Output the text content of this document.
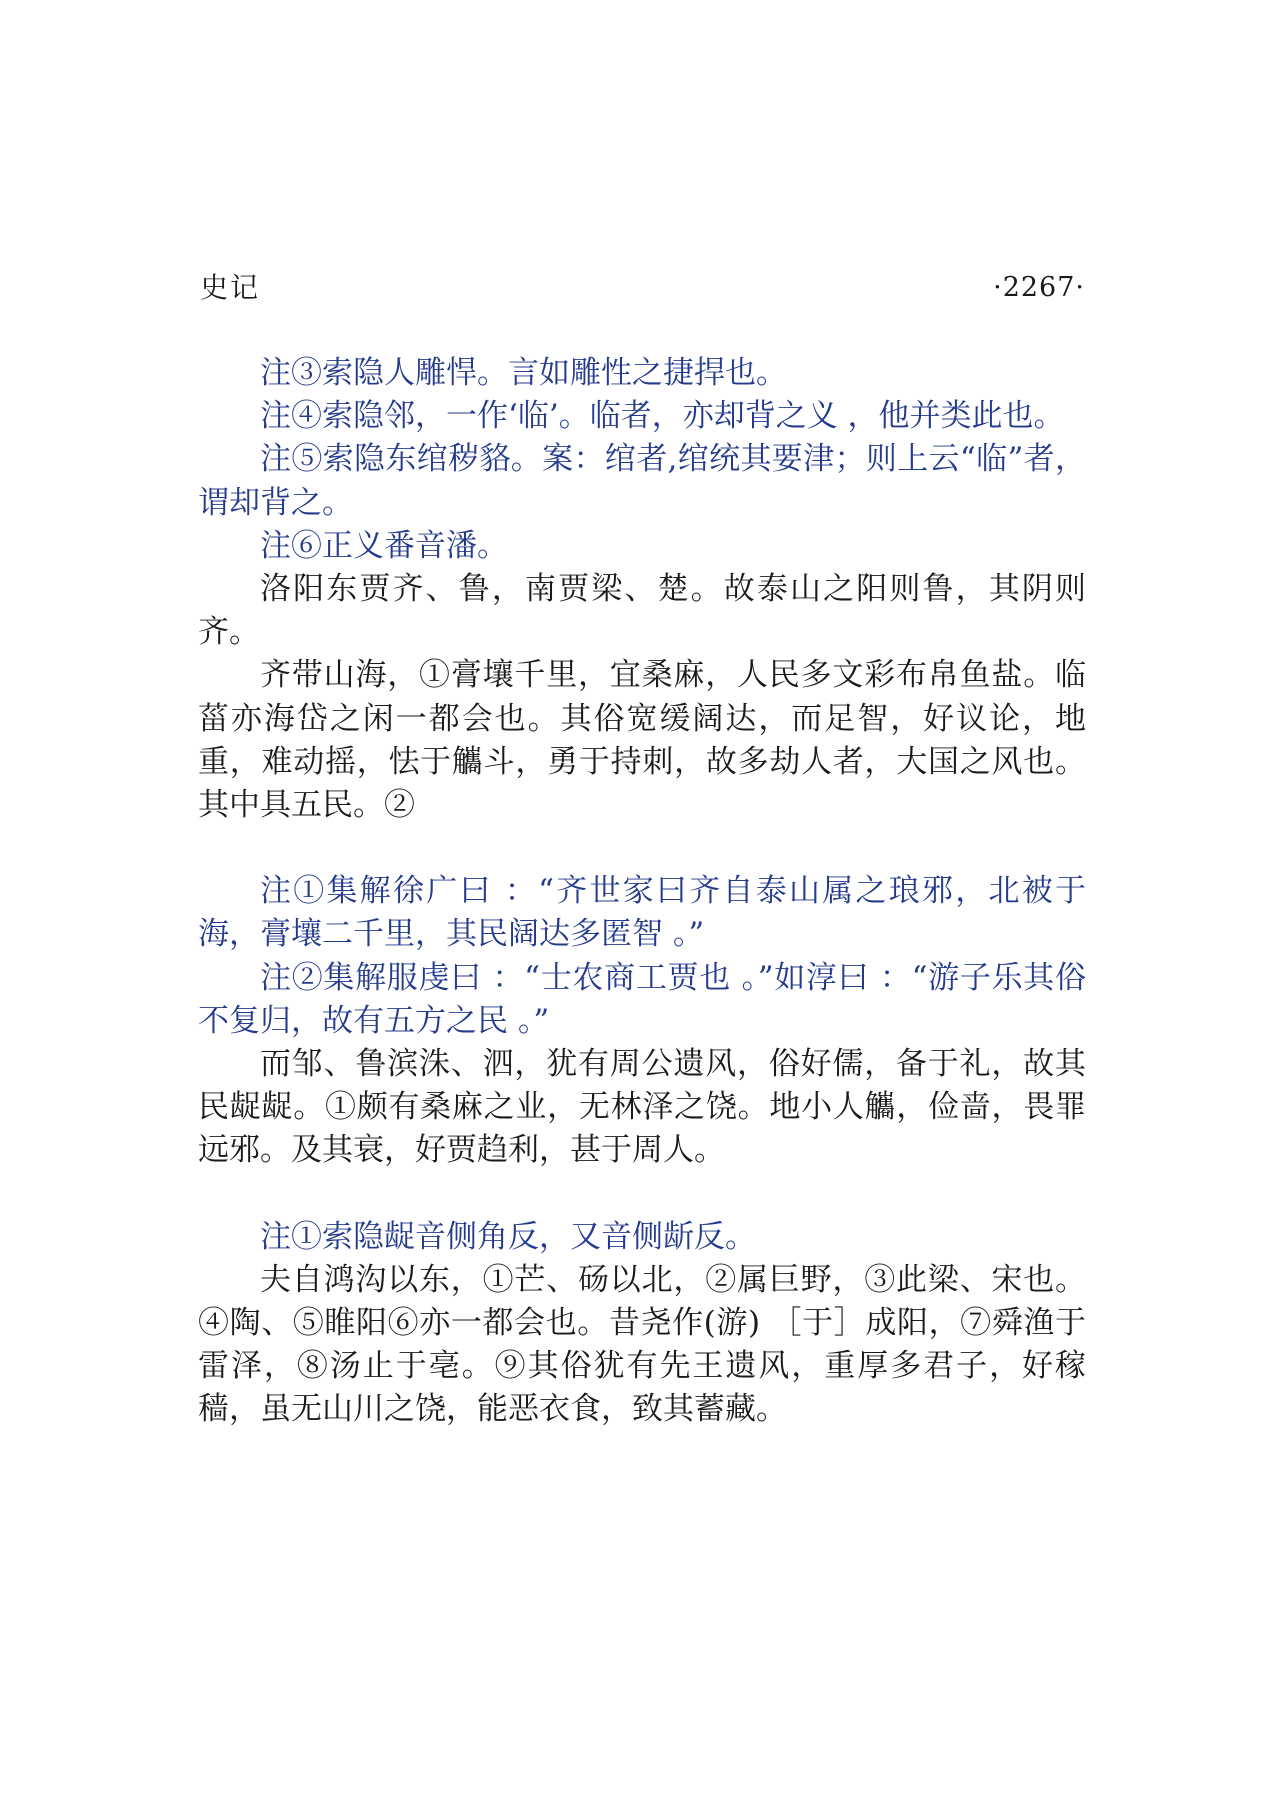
史记	·2267·

注③索隐人雕悍。言如雕性之捷捍也。

注④索隐邻，一作‘临’。临者，亦却背之义 ，他并类此也。

注⑤索隐东绾秽貉。案：绾者,绾统其要津；则上云“临”者，谓却背之。

注⑥正义番音潘。

洛阳东贾齐、鲁，南贾梁、楚。故泰山之阳则鲁，其阴则齐。

齐带山海，①膏壤千里，宜桑麻，人民多文彩布帛鱼盐。临菑亦海岱之闲一都会也。其俗宽缓阔达，而足智，好议论，地重，难动摇，怯于觿斗，勇于持刺，故多劫人者，大国之风也。其中具五民。②

注①集解徐广曰 ：“齐世家曰齐自泰山属之琅邪，北被于海，膏壤二千里，其民阔达多匿智 。”

注②集解服虔曰 ：“士农商工贾也 。”如淳曰 ：“游子乐其俗不复归，故有五方之民 。”

而邹、鲁滨洙、泗，犹有周公遗风，俗好儒，备于礼，故其民龊龊。①颇有桑麻之业，无林泽之饶。地小人觿，俭啬，畏罪远邪。及其衰，好贾趋利，甚于周人。

注①索隐龊音侧角反，又音侧龂反。

夫自鸿沟以东，①芒、砀以北，②属巨野，③此梁、宋也。④陶、⑤睢阳⑥亦一都会也。昔尧作(游) ［于］成阳，⑦舜渔于雷泽，⑧汤止于亳。⑨其俗犹有先王遗风，重厚多君子，好稼穑，虽无山川之饶，能恶衣食，致其蓄藏。
